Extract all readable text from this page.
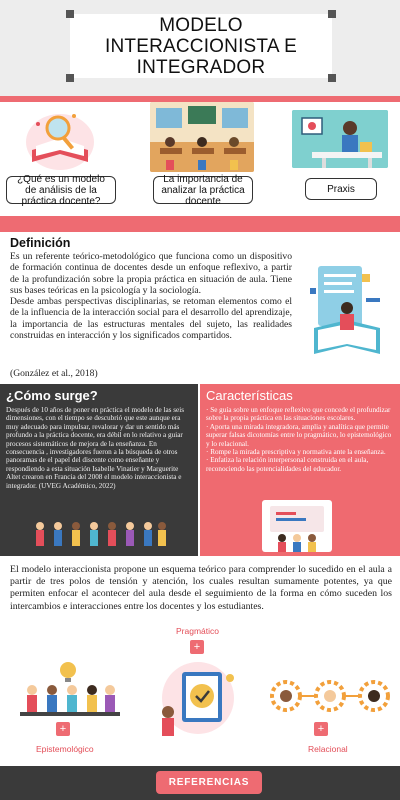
MODELO INTERACCIONISTA E INTEGRADOR
¿Qué es un modelo de análisis de la práctica docente?
La importancia de analizar la práctica docente
Praxis
Definición

Es un referente teórico-metodológico que funciona como un dispositivo de formación continua de docentes desde un enfoque reflexivo, a partir de la profundización sobre la propia práctica en situación de aula. Tiene sus bases teóricas en la psicología y la sociología.

Desde ambas perspectivas disciplinarias, se retoman elementos como el de la influencia de la interacción social para el desarrollo del aprendizaje, la importancia de las estructuras mentales del sujeto, las realidades construidas en interacción y los significados compartidos.

(González et al., 2018)
¿Cómo surge?
Después de 10 años de poner en práctica el modelo de las seis dimensiones, con el tiempo se descubrió que este aunque era muy adecuado para impulsar, revalorar y dar un sentido más profundo a la práctica docente, era débil en lo relativo a guiar procesos sistemáticos de mejora de la enseñanza. En consecuencia , investigadores fueron a la búsqueda de otros panoramas de el papel del discente como enseñante y respondiendo a esta situación Isabelle Vinatier y Marguerite Altet crearon en Francia del 2008 el modelo interaccionista e integrador. (UVEG Académico, 2022)
Características

· Se guía sobre un enfoque reflexivo que concede el profundizar sobre la propia práctica en las situaciones escolares.

· Aporta una mirada integradora, amplia y analítica que permite superar falsas dicotomías entre lo pragmático, lo epistemológico y lo relacional.

· Rompe la mirada prescriptiva y normativa ante la enseñanza.

· Enfatiza la relación interpersonal construida en el aula, reconociendo las potencialidades del educador.

El modelo interaccionista propone un esquema teórico para comprender lo sucedido en el aula a partir de tres polos de tensión y atención, los cuales resultan sumamente potentes, ya que permiten enfocar el acontecer del aula desde el seguimiento de la forma en cómo suceden los intercambios e interacciones entre los docentes y los estudiantes.
Pragmático
+
+
Epistemológico
+
Relacional
REFERENCIAS
